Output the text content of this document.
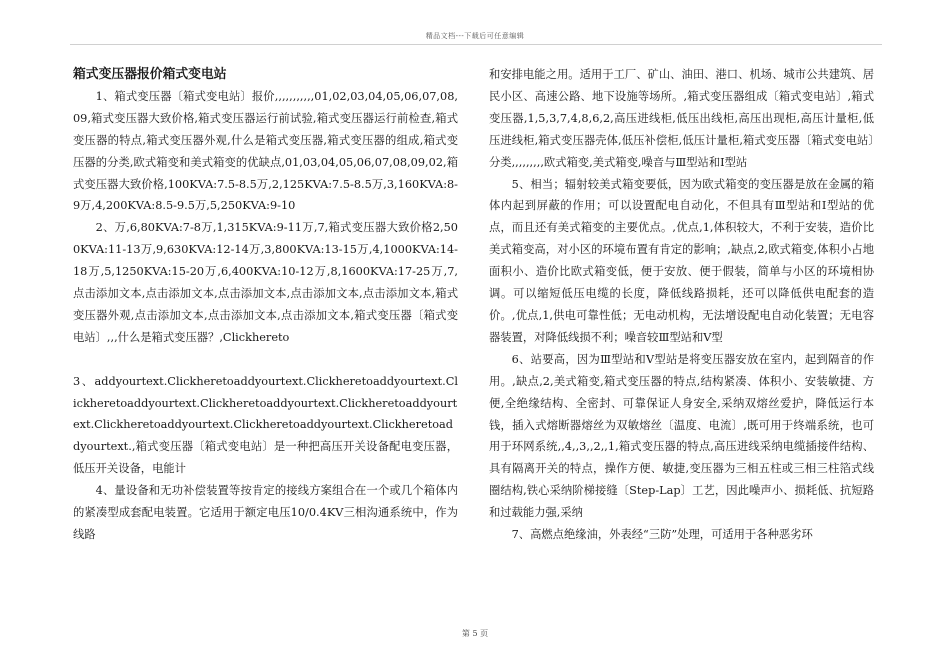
精品文档---下载后可任意编辑

箱式变压器报价箱式变电站

1、箱式变压器〔箱式变电站〕报价,,,,,,,,,,,01,02,03,04,05,06,07,08,09,箱式变压器大致价格,箱式变压器运行前试验,箱式变压器运行前检查,箱式变压器的特点,箱式变压器外观,什么是箱式变压器,箱式变压器的组成,箱式变压器的分类,欧式箱变和美式箱变的优缺点,01,03,04,05,06,07,08,09,02,箱式变压器大致价格,100KVA:7.5-8.5万,2,125KVA:7.5-8.5万,3,160KVA:8-9万,4,200KVA:8.5-9.5万,5,250KVA:9-10

2、万,6,80KVA:7-8万,1,315KVA:9-11万,7,箱式变压器大致价格2,500KVA:11-13万,9,630KVA:12-14万,3,800KVA:13-15万,4,1000KVA:14-18万,5,1250KVA:15-20万,6,400KVA:10-12万,8,1600KVA:17-25万,7,点击添加文本,点击添加文本,点击添加文本,点击添加文本,点击添加文本,箱式变压器外观,点击添加文本,点击添加文本,点击添加文本,箱式变压器〔箱式变电站〕,,,什么是箱式变压器？,Clickhereto

3、addyourtext.Clickheretoaddyourtext.Clickheretoaddyourtext.Clickheretoaddyourtext.Clickheretoaddyourtext.Clickheretoaddyourtext.Clickheretoaddyourtext.Clickheretoaddyourtext.Clickheretoaddyourtext.,箱式变压器〔箱式变电站〕是一种把高压开关设备配电变压器，低压开关设备，电能计

4、量设备和无功补偿装置等按肯定的接线方案组合在一个或几个箱体内的紧凑型成套配电装置。它适用于额定电压10/0.4KV三相沟通系统中，作为线路

和安排电能之用。适用于工厂、矿山、油田、港口、机场、城市公共建筑、居民小区、高速公路、地下设施等场所。,箱式变压器组成〔箱式变电站〕,箱式变压器,1,5,3,7,4,8,6,2,高压进线柜,低压出线柜,高压出现柜,高压计量柜,低压进线柜,箱式变压器壳体,低压补偿柜,低压计量柜,箱式变压器〔箱式变电站〕分类,,,,,,,,,欧式箱变,美式箱变,噪音与Ⅲ型站和Ⅰ型站

5、相当；辐射较美式箱变要低，因为欧式箱变的变压器是放在金属的箱体内起到屏蔽的作用；可以设置配电自动化，不但具有Ⅲ型站和Ⅰ型站的优点，而且还有美式箱变的主要优点。,优点,1,体积较大，不利于安装，造价比美式箱变高，对小区的环境布置有肯定的影响；,缺点,2,欧式箱变,体积小占地面积小、造价比欧式箱变低，便于安放、便于假装，简单与小区的环境相协调。可以缩短低压电缆的长度，降低线路损耗，还可以降低供电配套的造价。,优点,1,供电可靠性低；无电动机构，无法增设配电自动化装置；无电容器装置，对降低线损不利；噪音较Ⅲ型站和Ⅴ型

6、站要高，因为Ⅲ型站和Ⅴ型站是将变压器安放在室内，起到隔音的作用。,缺点,2,美式箱变,箱式变压器的特点,结构紧凑、体积小、安装敏捷、方便,全绝缘结构、全密封、可靠保证人身安全,采纳双熔丝爱护，降低运行本钱，插入式熔断器熔丝为双敏熔丝〔温度、电流〕,既可用于终端系统，也可用于环网系统,,4,,3,,2,,1,箱式变压器的特点,高压进线采纳电缆插接件结构、具有隔离开关的特点，操作方便、敏捷,变压器为三相五柱或三相三柱箔式线圈结构,铁心采纳阶梯接缝〔Step-Lap〕工艺，因此噪声小、损耗低、抗短路和过载能力强,采纳

7、高燃点绝缘油，外表经“三防”处理，可适用于各种恶劣环

第 5 页
